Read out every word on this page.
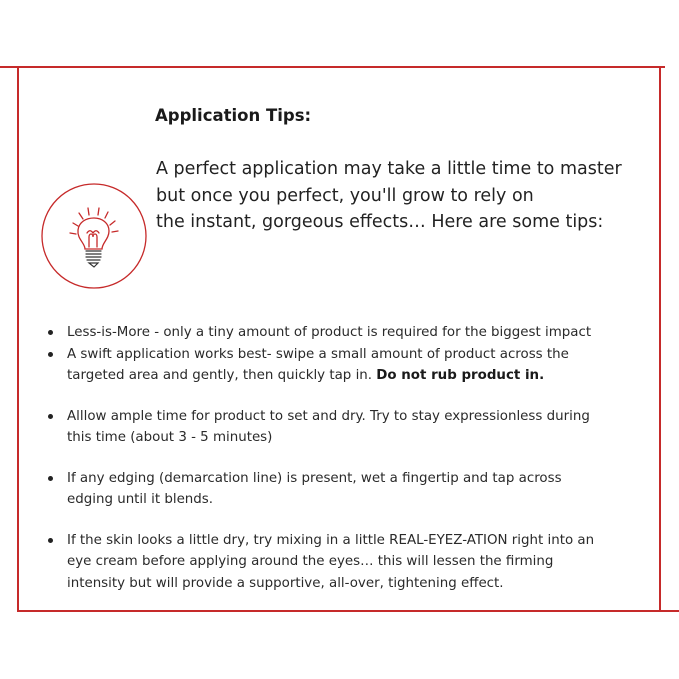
Application Tips:
A perfect application may take a little time to master
but once you perfect, you'll grow to rely on
the instant, gorgeous effects… Here are some tips:
Less-is-More - only a tiny amount of product is required for the biggest impact
A swift application works best- swipe a small amount of product across the
targeted area and gently, then quickly tap in. Do not rub product in.
Alllow ample time for product to set and dry. Try to stay expressionless during
this time (about 3 - 5 minutes)
If any edging (demarcation line) is present, wet a fingertip and tap across
edging until it blends.
If the skin looks a little dry, try mixing in a little REAL-EYEZ-ATION right into an
eye cream before applying around the eyes… this will lessen the firming
intensity but will provide a supportive, all-over, tightening effect.
